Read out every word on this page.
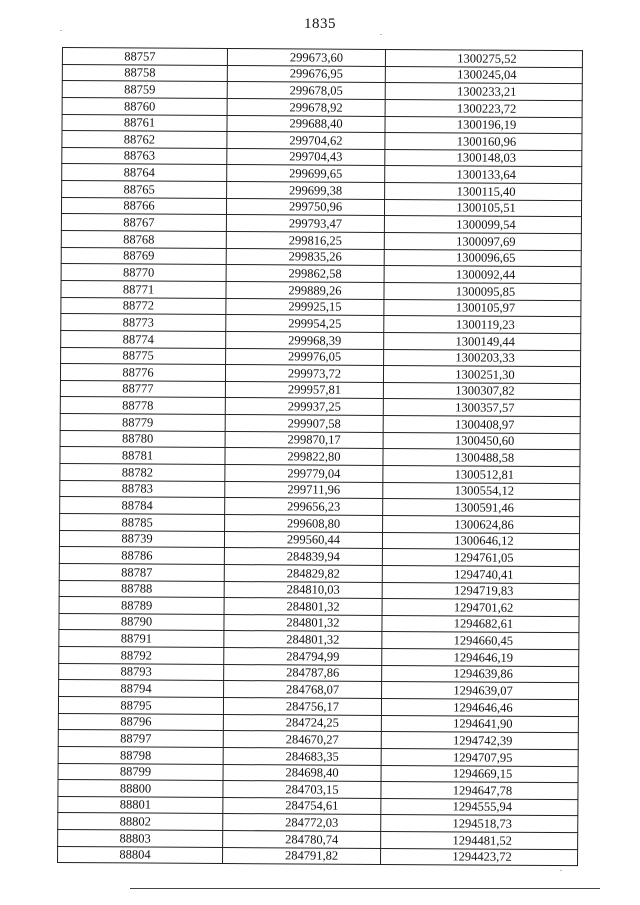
1835
88757	299673,60	1300275,52
88758	299676,95	1300245,04
88759	299678,05	1300233,21
88760	299678,92	1300223,72
88761	299688,40	1300196,19
88762	299704,62	1300160,96
88763	299704,43	1300148,03
88764	299699,65	1300133,64
88765	299699,38	1300115,40
88766	299750,96	1300105,51
88767	299793,47	1300099,54
88768	299816,25	1300097,69
88769	299835,26	1300096,65
88770	299862,58	1300092,44
88771	299889,26	1300095,85
88772	299925,15	1300105,97
88773	299954,25	1300119,23
88774	299968,39	1300149,44
88775	299976,05	1300203,33
88776	299973,72	1300251,30
88777	299957,81	1300307,82
88778	299937,25	1300357,57
88779	299907,58	1300408,97
88780	299870,17	1300450,60
88781	299822,80	1300488,58
88782	299779,04	1300512,81
88783	299711,96	1300554,12
88784	299656,23	1300591,46
88785	299608,80	1300624,86
88739	299560,44	1300646,12
88786	284839,94	1294761,05
88787	284829,82	1294740,41
88788	284810,03	1294719,83
88789	284801,32	1294701,62
88790	284801,32	1294682,61
88791	284801,32	1294660,45
88792	284794,99	1294646,19
88793	284787,86	1294639,86
88794	284768,07	1294639,07
88795	284756,17	1294646,46
88796	284724,25	1294641,90
88797	284670,27	1294742,39
88798	284683,35	1294707,95
88799	284698,40	1294669,15
88800	284703,15	1294647,78
88801	284754,61	1294555,94
88802	284772,03	1294518,73
88803	284780,74	1294481,52
88804	284791,82	1294423,72
